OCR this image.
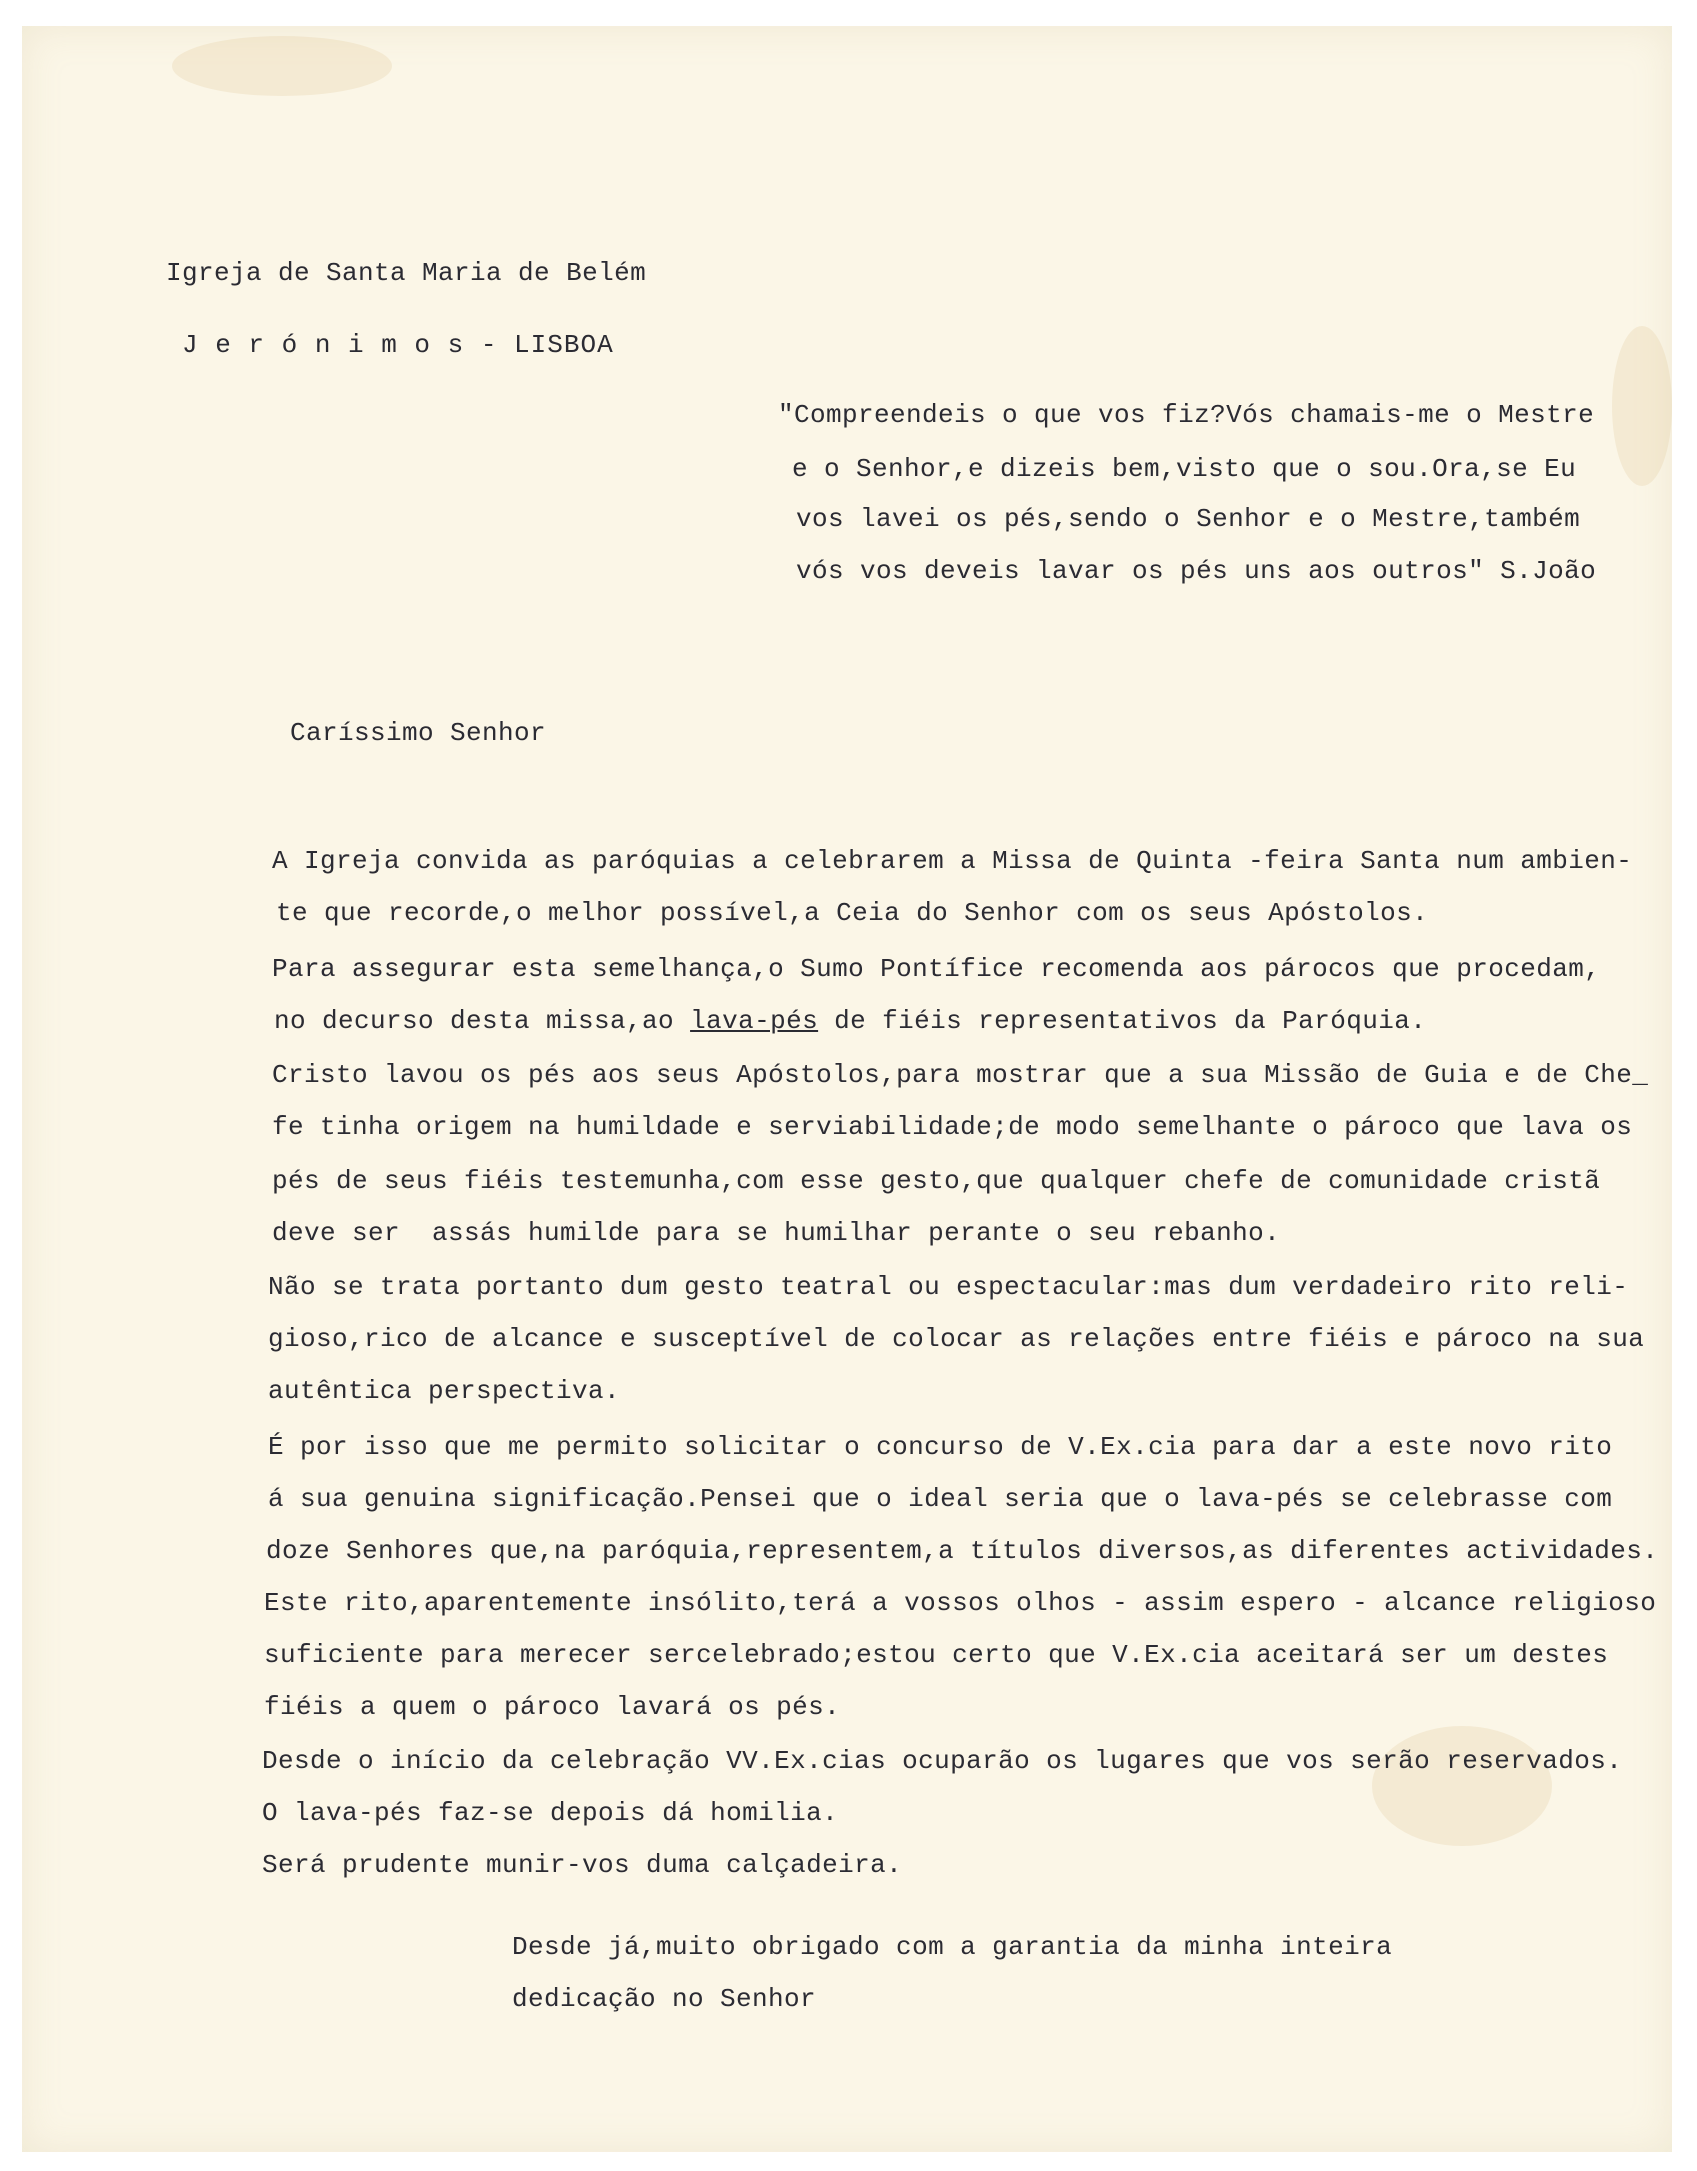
Igreja de Santa Maria de Belém
J e r ó n i m o s - LISBOA
"Compreendeis o que vos fiz?Vós chamais-me o Mestre
e o Senhor,e dizeis bem,visto que o sou.Ora,se Eu
vos lavei os pés,sendo o Senhor e o Mestre,também
vós vos deveis lavar os pés uns aos outros" S.João
Caríssimo Senhor
A Igreja convida as paróquias a celebrarem a Missa de Quinta -feira Santa num ambien-
te que recorde,o melhor possível,a Ceia do Senhor com os seus Apóstolos.
Para assegurar esta semelhança,o Sumo Pontífice recomenda aos párocos que procedam,
no decurso desta missa,ao lava-pés de fiéis representativos da Paróquia.
Cristo lavou os pés aos seus Apóstolos,para mostrar que a sua Missão de Guia e de Che_
fe tinha origem na humildade e serviabilidade;de modo semelhante o pároco que lava os
pés de seus fiéis testemunha,com esse gesto,que qualquer chefe de comunidade cristã
deve ser  assás humilde para se humilhar perante o seu rebanho.
Não se trata portanto dum gesto teatral ou espectacular:mas dum verdadeiro rito reli-
gioso,rico de alcance e susceptível de colocar as relações entre fiéis e pároco na sua
autêntica perspectiva.
É por isso que me permito solicitar o concurso de V.Ex.cia para dar a este novo rito
á sua genuina significação.Pensei que o ideal seria que o lava-pés se celebrasse com
doze Senhores que,na paróquia,representem,a títulos diversos,as diferentes actividades.
Este rito,aparentemente insólito,terá a vossos olhos - assim espero - alcance religioso
suficiente para merecer sercelebrado;estou certo que V.Ex.cia aceitará ser um destes
fiéis a quem o pároco lavará os pés.
Desde o início da celebração VV.Ex.cias ocuparão os lugares que vos serão reservados.
O lava-pés faz-se depois dá homilia.
Será prudente munir-vos duma calçadeira.
Desde já,muito obrigado com a garantia da minha inteira
dedicação no Senhor
